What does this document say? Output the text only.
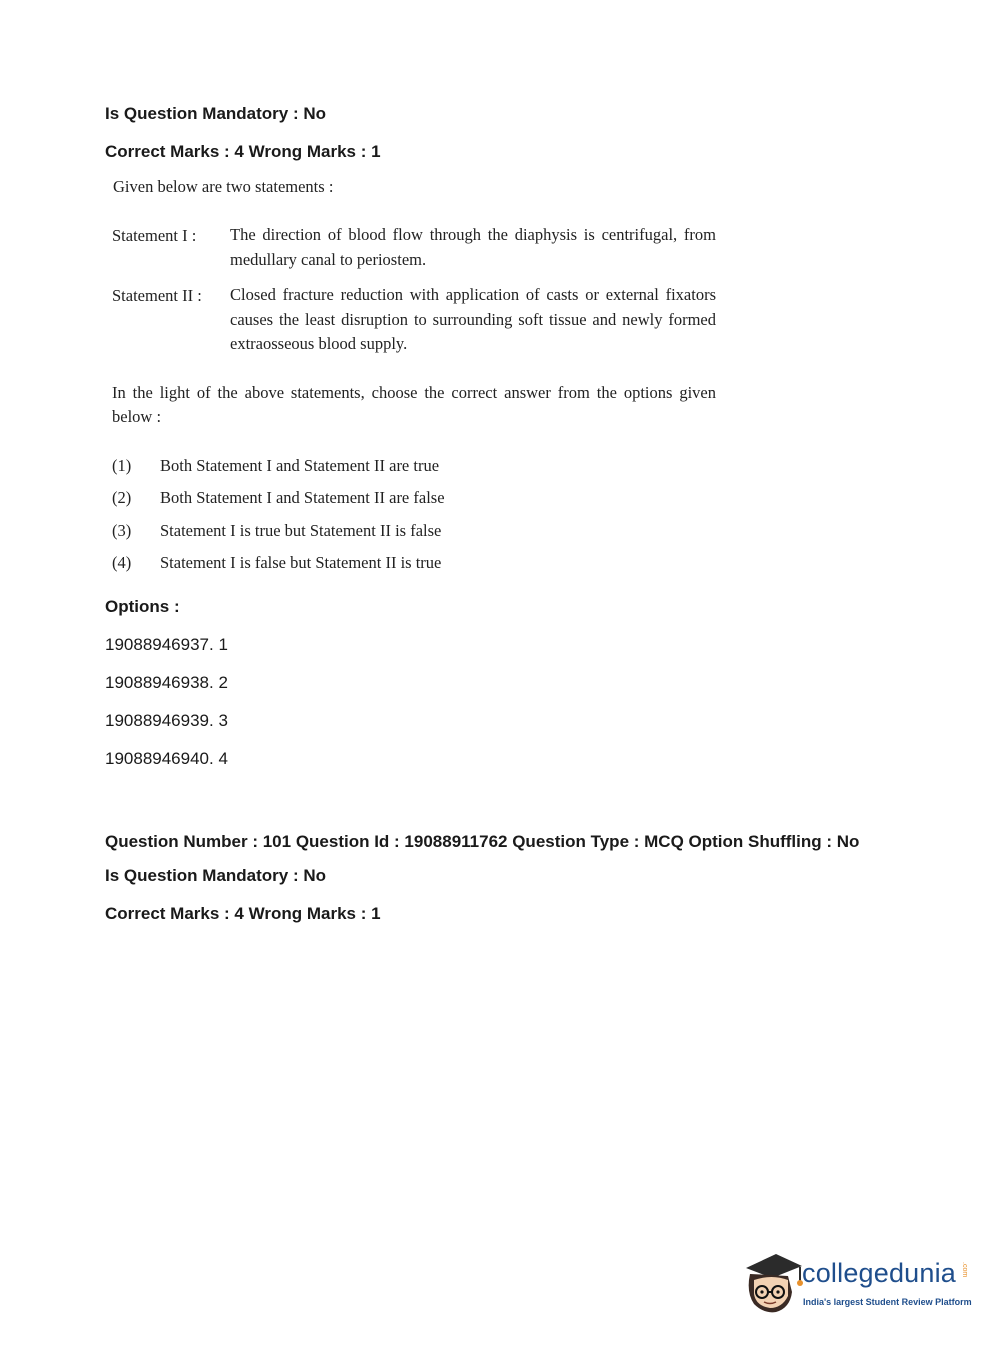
Is Question Mandatory : No
Correct Marks : 4 Wrong Marks : 1
Given below are two statements :
Statement I : The direction of blood flow through the diaphysis is centrifugal, from medullary canal to periostem.
Statement II : Closed fracture reduction with application of casts or external fixators causes the least disruption to surrounding soft tissue and newly formed extraosseous blood supply.
In the light of the above statements, choose the correct answer from the options given below :
(1) Both Statement I and Statement II are true
(2) Both Statement I and Statement II are false
(3) Statement I is true but Statement II is false
(4) Statement I is false but Statement II is true
Options :
19088946937. 1
19088946938. 2
19088946939. 3
19088946940. 4
Question Number : 101 Question Id : 19088911762 Question Type : MCQ Option Shuffling : No
Is Question Mandatory : No
Correct Marks : 4 Wrong Marks : 1
collegedunia .com
India's largest Student Review Platform
